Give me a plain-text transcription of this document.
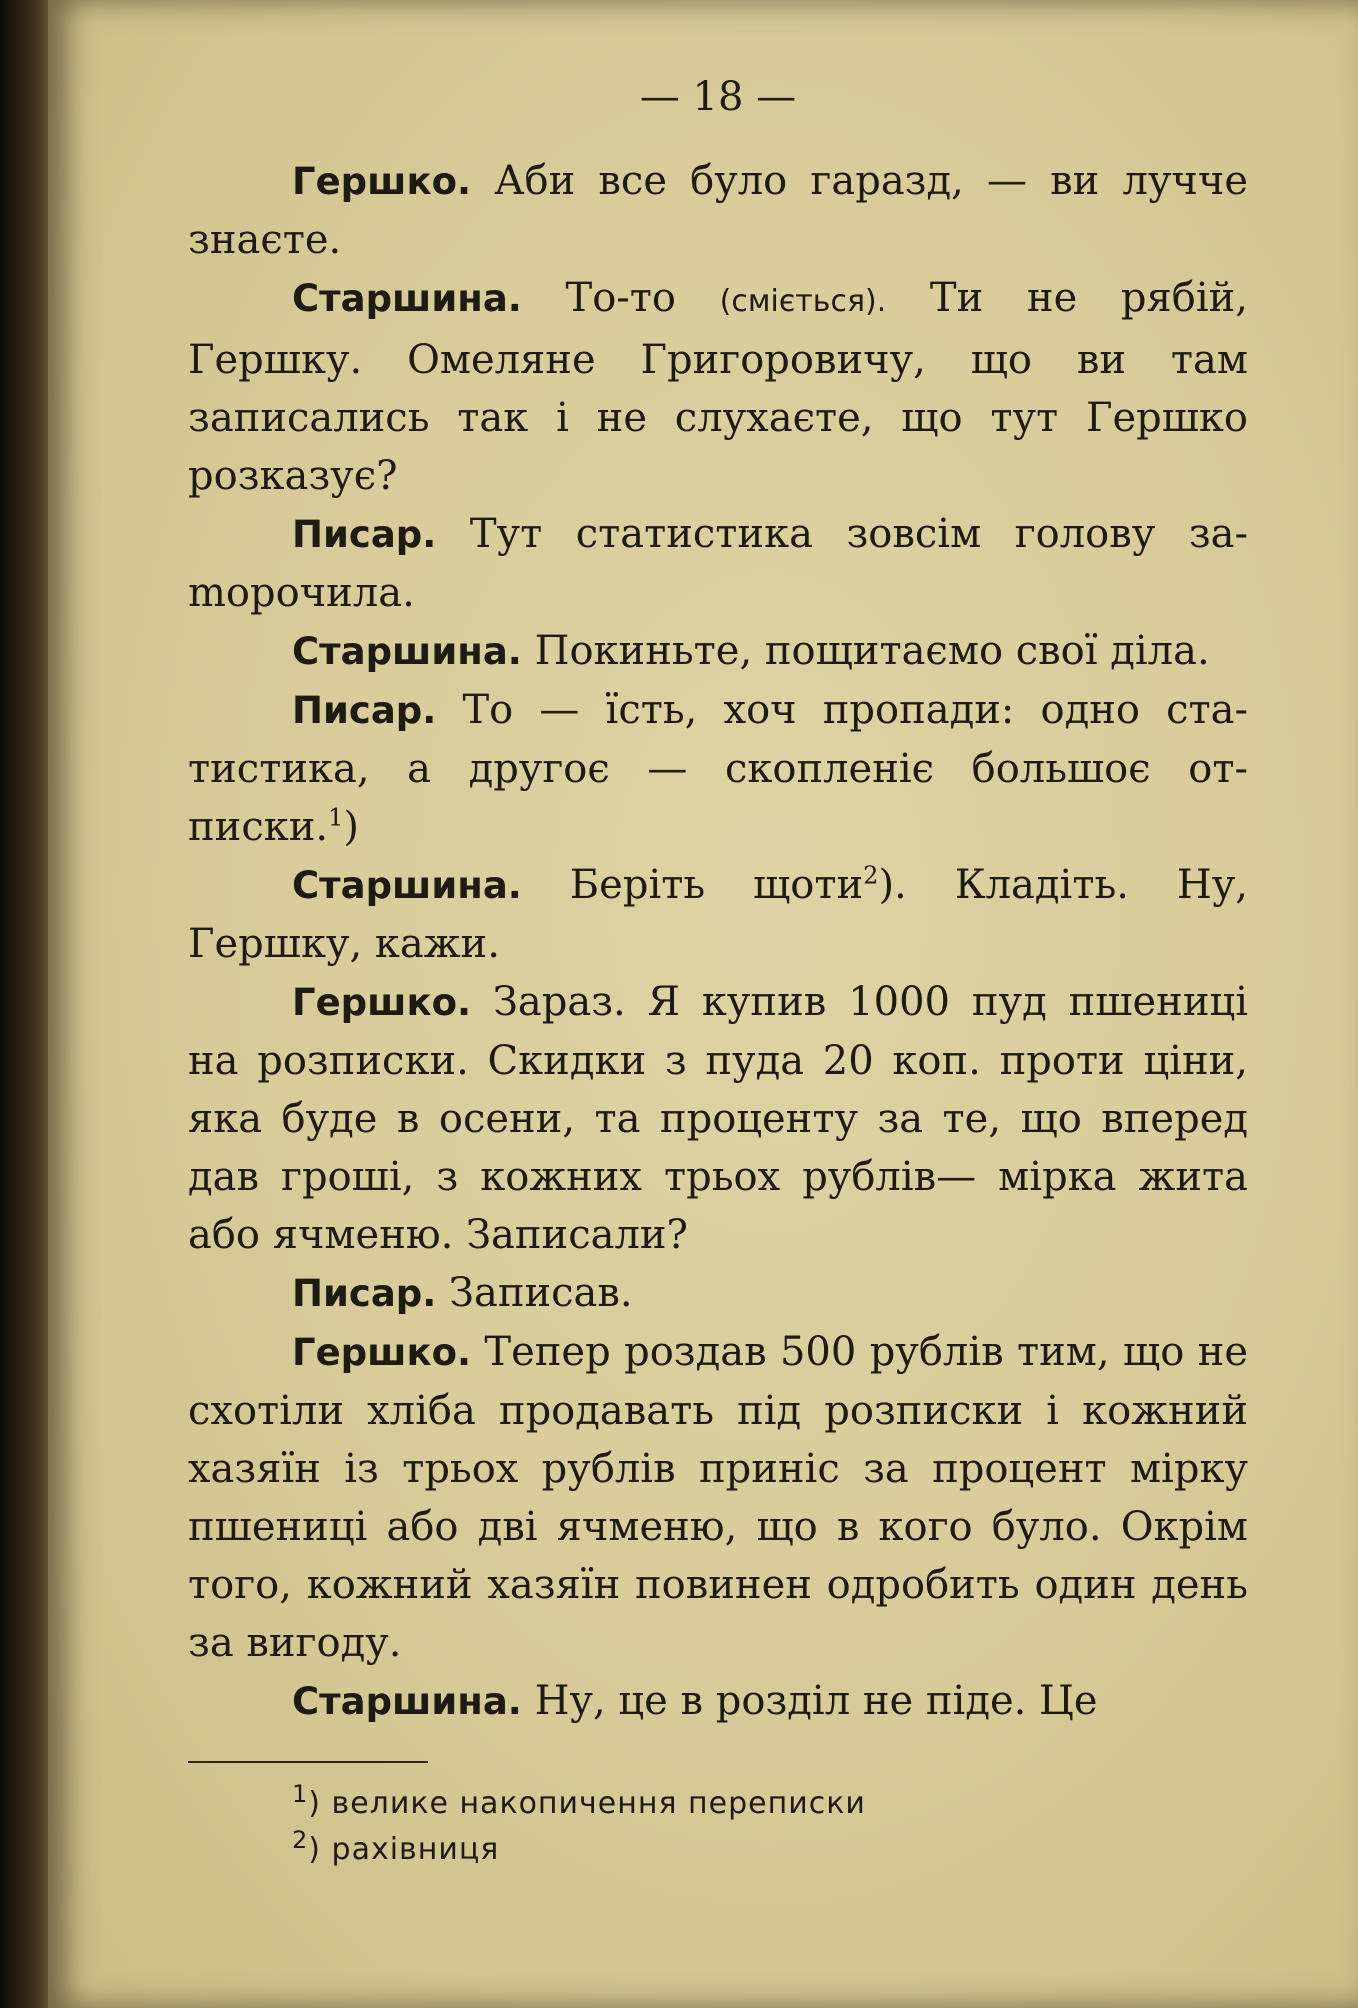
— 18 —

Гершко. Аби все було гаразд, — ви лучче знаєте.

Старшина. То-то (сміється). Ти не рябій, Гершку. Омеляне Григоровичу, що ви там записались так і не слухаєте, що тут Гершко розказує?

Писар. Тут статистика зовсім голову заmорочила.

Старшина. Покиньте, пощитаємо свої діла.

Писар. То — їсть, хоч пропади: одно статистика, а другоє — скопленіє большоє отписки.$^1$)

Старшина. Беріть щоти$^2$). Кладіть. Ну, Гершку, кажи.

Гершко. Зараз. Я купив 1000 пуд пшениці на розписки. Скидки з пуда 20 коп. проти ціни, яка буде в осени, та проценту за те, що вперед дав гроші, з кожних трьох рублів— мірка жита або ячменю. Записали?

Писар. Записав.

Гершко. Тепер роздав 500 рублів тим, що не схотіли хліба продавать під розписки і кожний хазяїн із трьох рублів приніс за процент мірку пшениці або дві ячменю, що в кого було. Окрім того, кожний хазяїн повинен одробить один день за вигоду.

Старшина. Ну, це в розділ не піде. Це

$^1$) велике накопичення переписки
$^2$) рахівниця
